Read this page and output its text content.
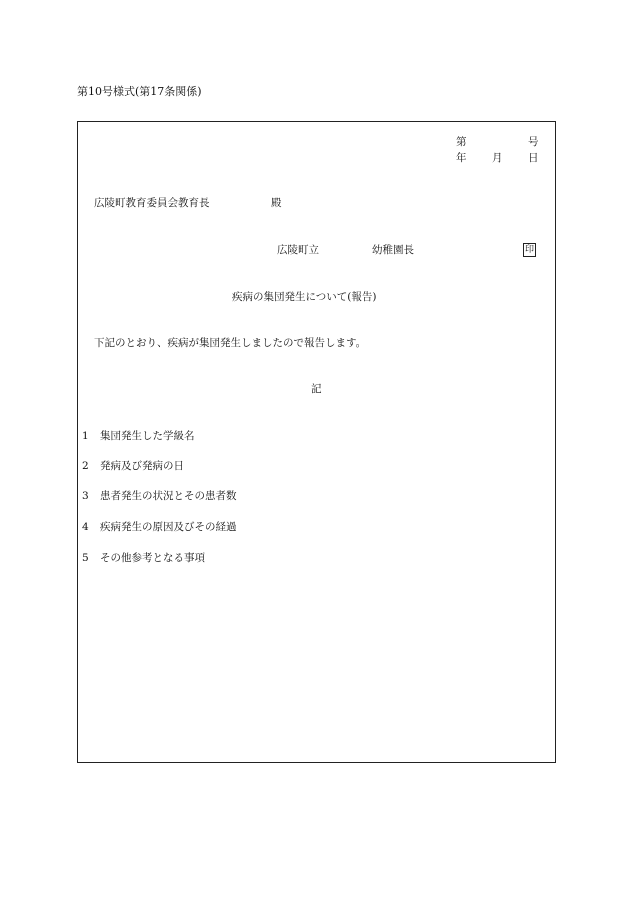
第10号様式(第17条関係)
第	号
年 月 日
広陵町教育委員会教育長	殿
広陵町立	幼稚園長	印
疾病の集団発生について(報告)
下記のとおり、疾病が集団発生しましたので報告します。
記
1 集団発生した学級名
2 発病及び発病の日
3 患者発生の状況とその患者数
4 疾病発生の原因及びその経過
5 その他参考となる事項
